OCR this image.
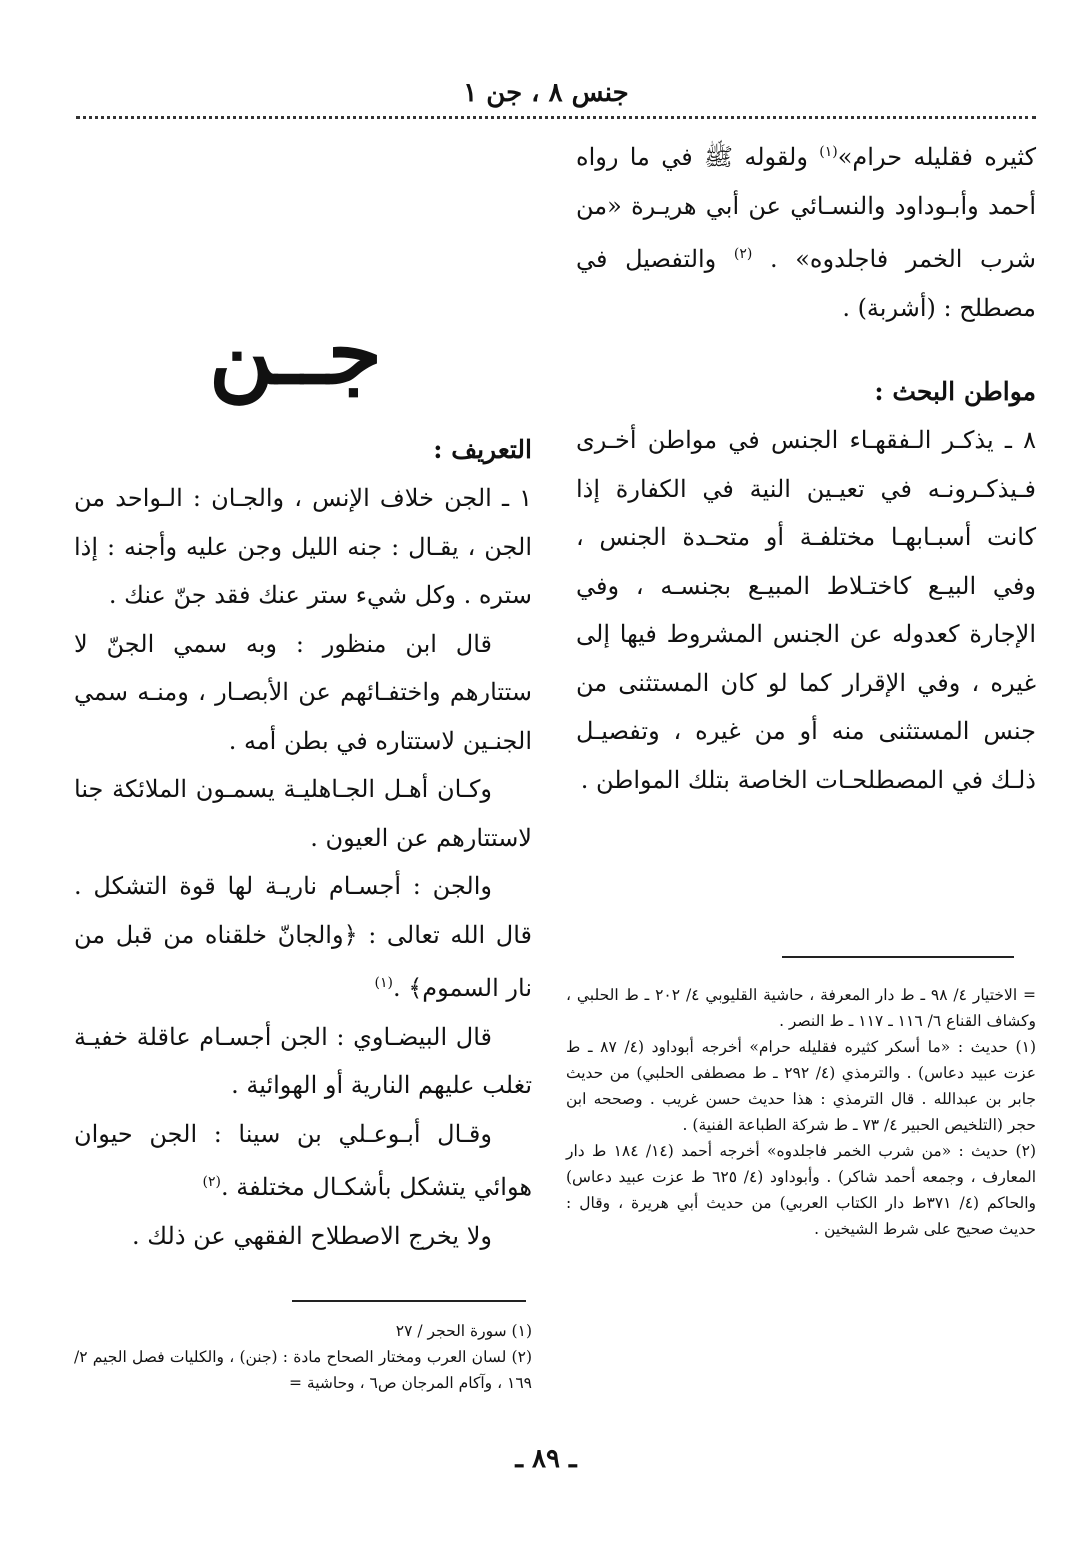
جنس ٨ ، جن ١

كثيره فقليله حرام»$^{(١)}$ ولقوله ﷺ في ما رواه أحمد وأبـوداود والنسـائي عن أبي هريـرة «من شرب الخمر فاجلدوه» . $^{(٢)}$ والتفصيل في مصطلح : (أشربة) .

مواطن البحث :

٨ ـ يذكـر الـفقهـاء الجنس في مواطن أخـرى فـيذكـرونـه في تعيـين النية في الكفارة إذا كانت أسبـابهـا مختلفـة أو متحـدة الجنس ، وفي البيـع كاختـلاط المبيـع بجنسـه ، وفي الإجارة كعدوله عن الجنس المشروط فيها إلى غيره ، وفي الإقرار كما لو كان المستثنى من جنس المستثنى منه أو من غيره ، وتفصيـل ذلـك في المصطلحـات الخاصة بتلك المواطن .

جــن

التعريف :

١ ـ الجن خلاف الإنس ، والجـان : الـواحد من الجن ، يقـال : جنه الليل وجن عليه وأجنه : إذا ستره . وكل شيء ستر عنك فقد جنّ عنك .

قال ابن منظور : وبه سمي الجنّ لا ستتارهم واختفـائهم عن الأبصـار ، ومنـه سمي الجنـين لاستتاره في بطن أمه .

وكـان أهـل الجـاهليـة يسمـون الملائكة جنا لاستتارهم عن العيون .

والجن : أجسـام ناريـة لها قوة التشكل . قال الله تعالى : ﴿والجانّ خلقناه من قبل من نار السموم﴾ .$^{(١)}$

قال البيضـاوي : الجن أجسـام عاقلة خفيـة تغلب عليهم النارية أو الهوائية .

وقـال أبـوعـلي بن سينا : الجن حيوان هوائي يتشكل بأشكـال مختلفة .$^{(٢)}$

ولا يخرج الاصطلاح الفقهي عن ذلك .

= الاختيار ٤/ ٩٨ ـ ط دار المعرفة ، حاشية القليوبي ٤/ ٢٠٢ ـ ط الحلبي ، وكشاف القناع ٦/ ١١٦ ـ ١١٧ ـ ط النصر .

(١) حديث : «ما أسكر كثيره فقليله حرام» أخرجه أبوداود (٤/ ٨٧ ـ ط عزت عبيد دعاس) . والترمذي (٤/ ٢٩٢ ـ ط مصطفى الحلبي) من حديث جابر بن عبدالله . قال الترمذي : هذا حديث حسن غريب . وصححه ابن حجر (التلخيص الحبير ٤/ ٧٣ ـ ط شركة الطباعة الفنية) .

(٢) حديث : «من شرب الخمر فاجلدوه» أخرجه أحمد (١٤/ ١٨٤ ط دار المعارف ، وجمعه أحمد شاكر) . وأبوداود (٤/ ٦٢٥ ط عزت عبيد دعاس) والحاكم (٤/ ٣٧١ط دار الكتاب العربي) من حديث أبي هريرة ، وقال : حديث صحيح على شرط الشيخين .

(١) سورة الحجر / ٢٧

(٢) لسان العرب ومختار الصحاح مادة : (جنن) ، والكليات فصل الجيم ٢/ ١٦٩ ، وآكام المرجان ص٦ ، وحاشية =

ـ ٨٩ ـ
